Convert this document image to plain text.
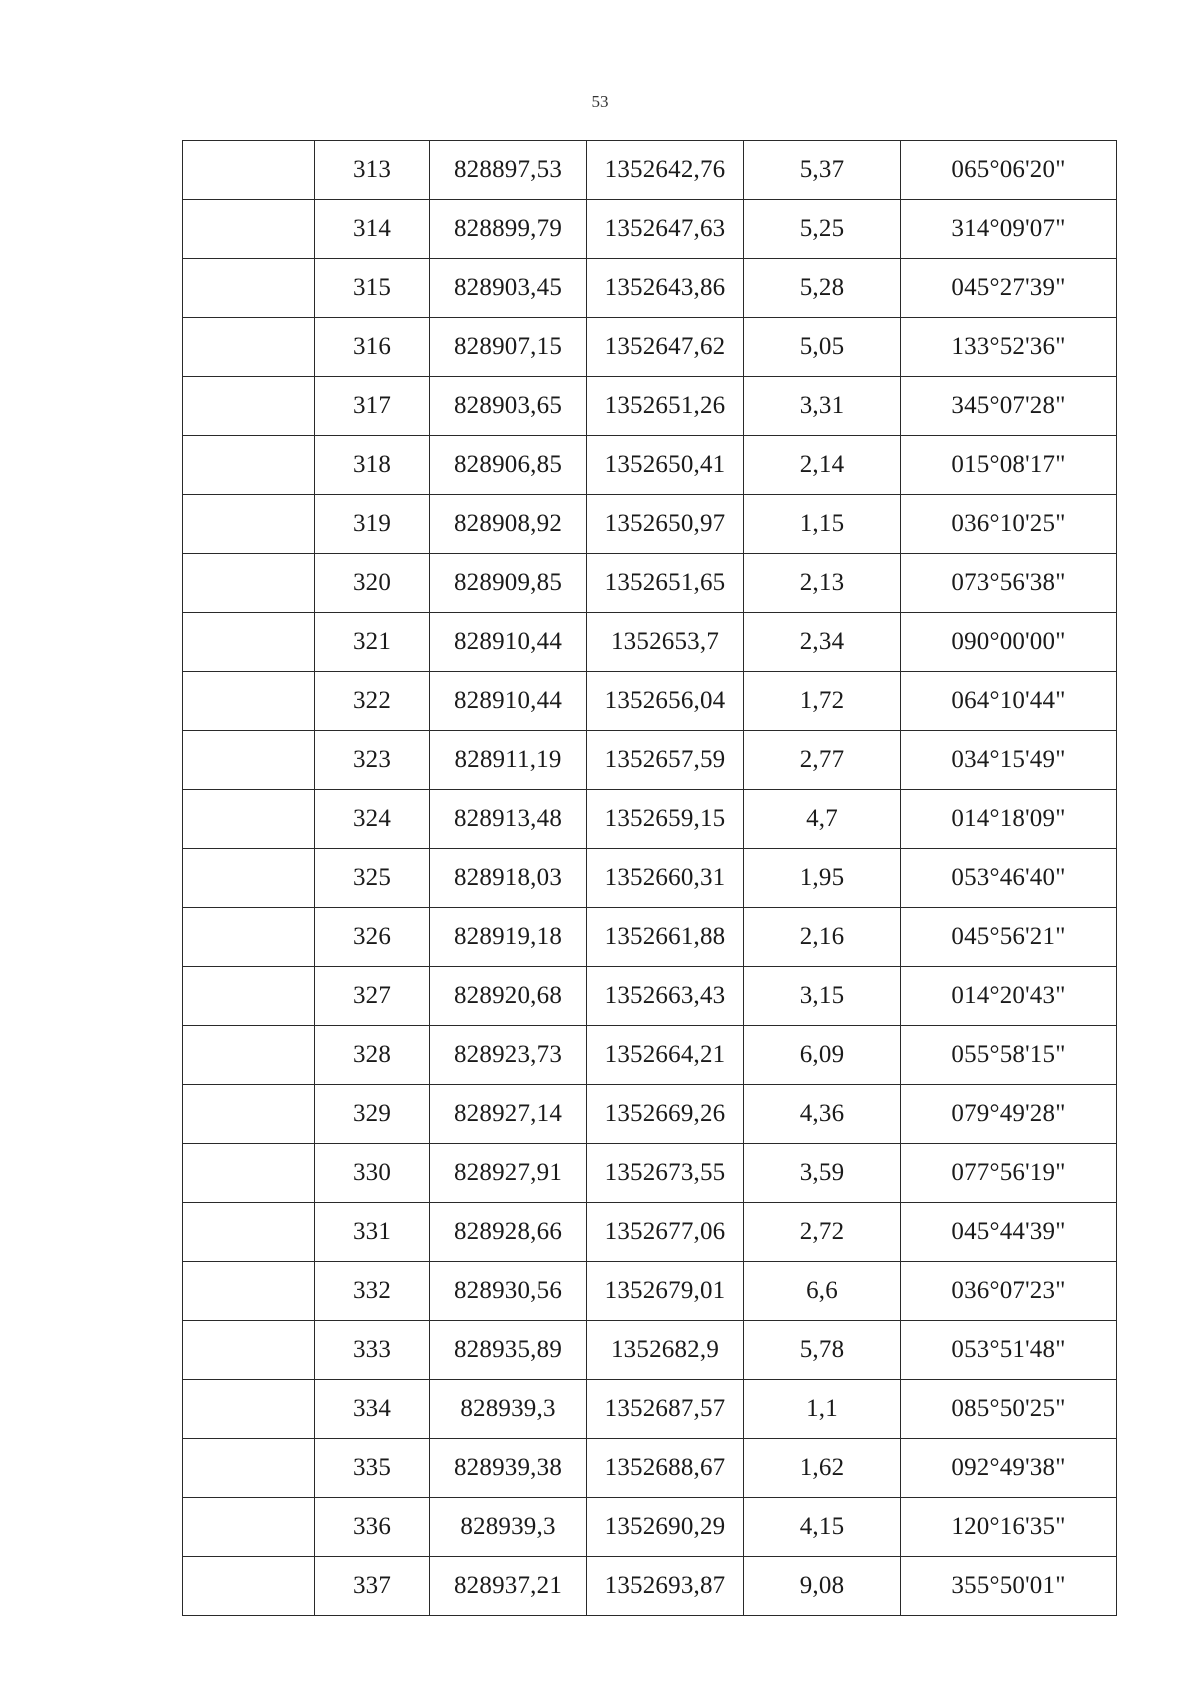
53
	313	828897,53	1352642,76	5,37	065°06'20"
	314	828899,79	1352647,63	5,25	314°09'07"
	315	828903,45	1352643,86	5,28	045°27'39"
	316	828907,15	1352647,62	5,05	133°52'36"
	317	828903,65	1352651,26	3,31	345°07'28"
	318	828906,85	1352650,41	2,14	015°08'17"
	319	828908,92	1352650,97	1,15	036°10'25"
	320	828909,85	1352651,65	2,13	073°56'38"
	321	828910,44	1352653,7	2,34	090°00'00"
	322	828910,44	1352656,04	1,72	064°10'44"
	323	828911,19	1352657,59	2,77	034°15'49"
	324	828913,48	1352659,15	4,7	014°18'09"
	325	828918,03	1352660,31	1,95	053°46'40"
	326	828919,18	1352661,88	2,16	045°56'21"
	327	828920,68	1352663,43	3,15	014°20'43"
	328	828923,73	1352664,21	6,09	055°58'15"
	329	828927,14	1352669,26	4,36	079°49'28"
	330	828927,91	1352673,55	3,59	077°56'19"
	331	828928,66	1352677,06	2,72	045°44'39"
	332	828930,56	1352679,01	6,6	036°07'23"
	333	828935,89	1352682,9	5,78	053°51'48"
	334	828939,3	1352687,57	1,1	085°50'25"
	335	828939,38	1352688,67	1,62	092°49'38"
	336	828939,3	1352690,29	4,15	120°16'35"
	337	828937,21	1352693,87	9,08	355°50'01"
